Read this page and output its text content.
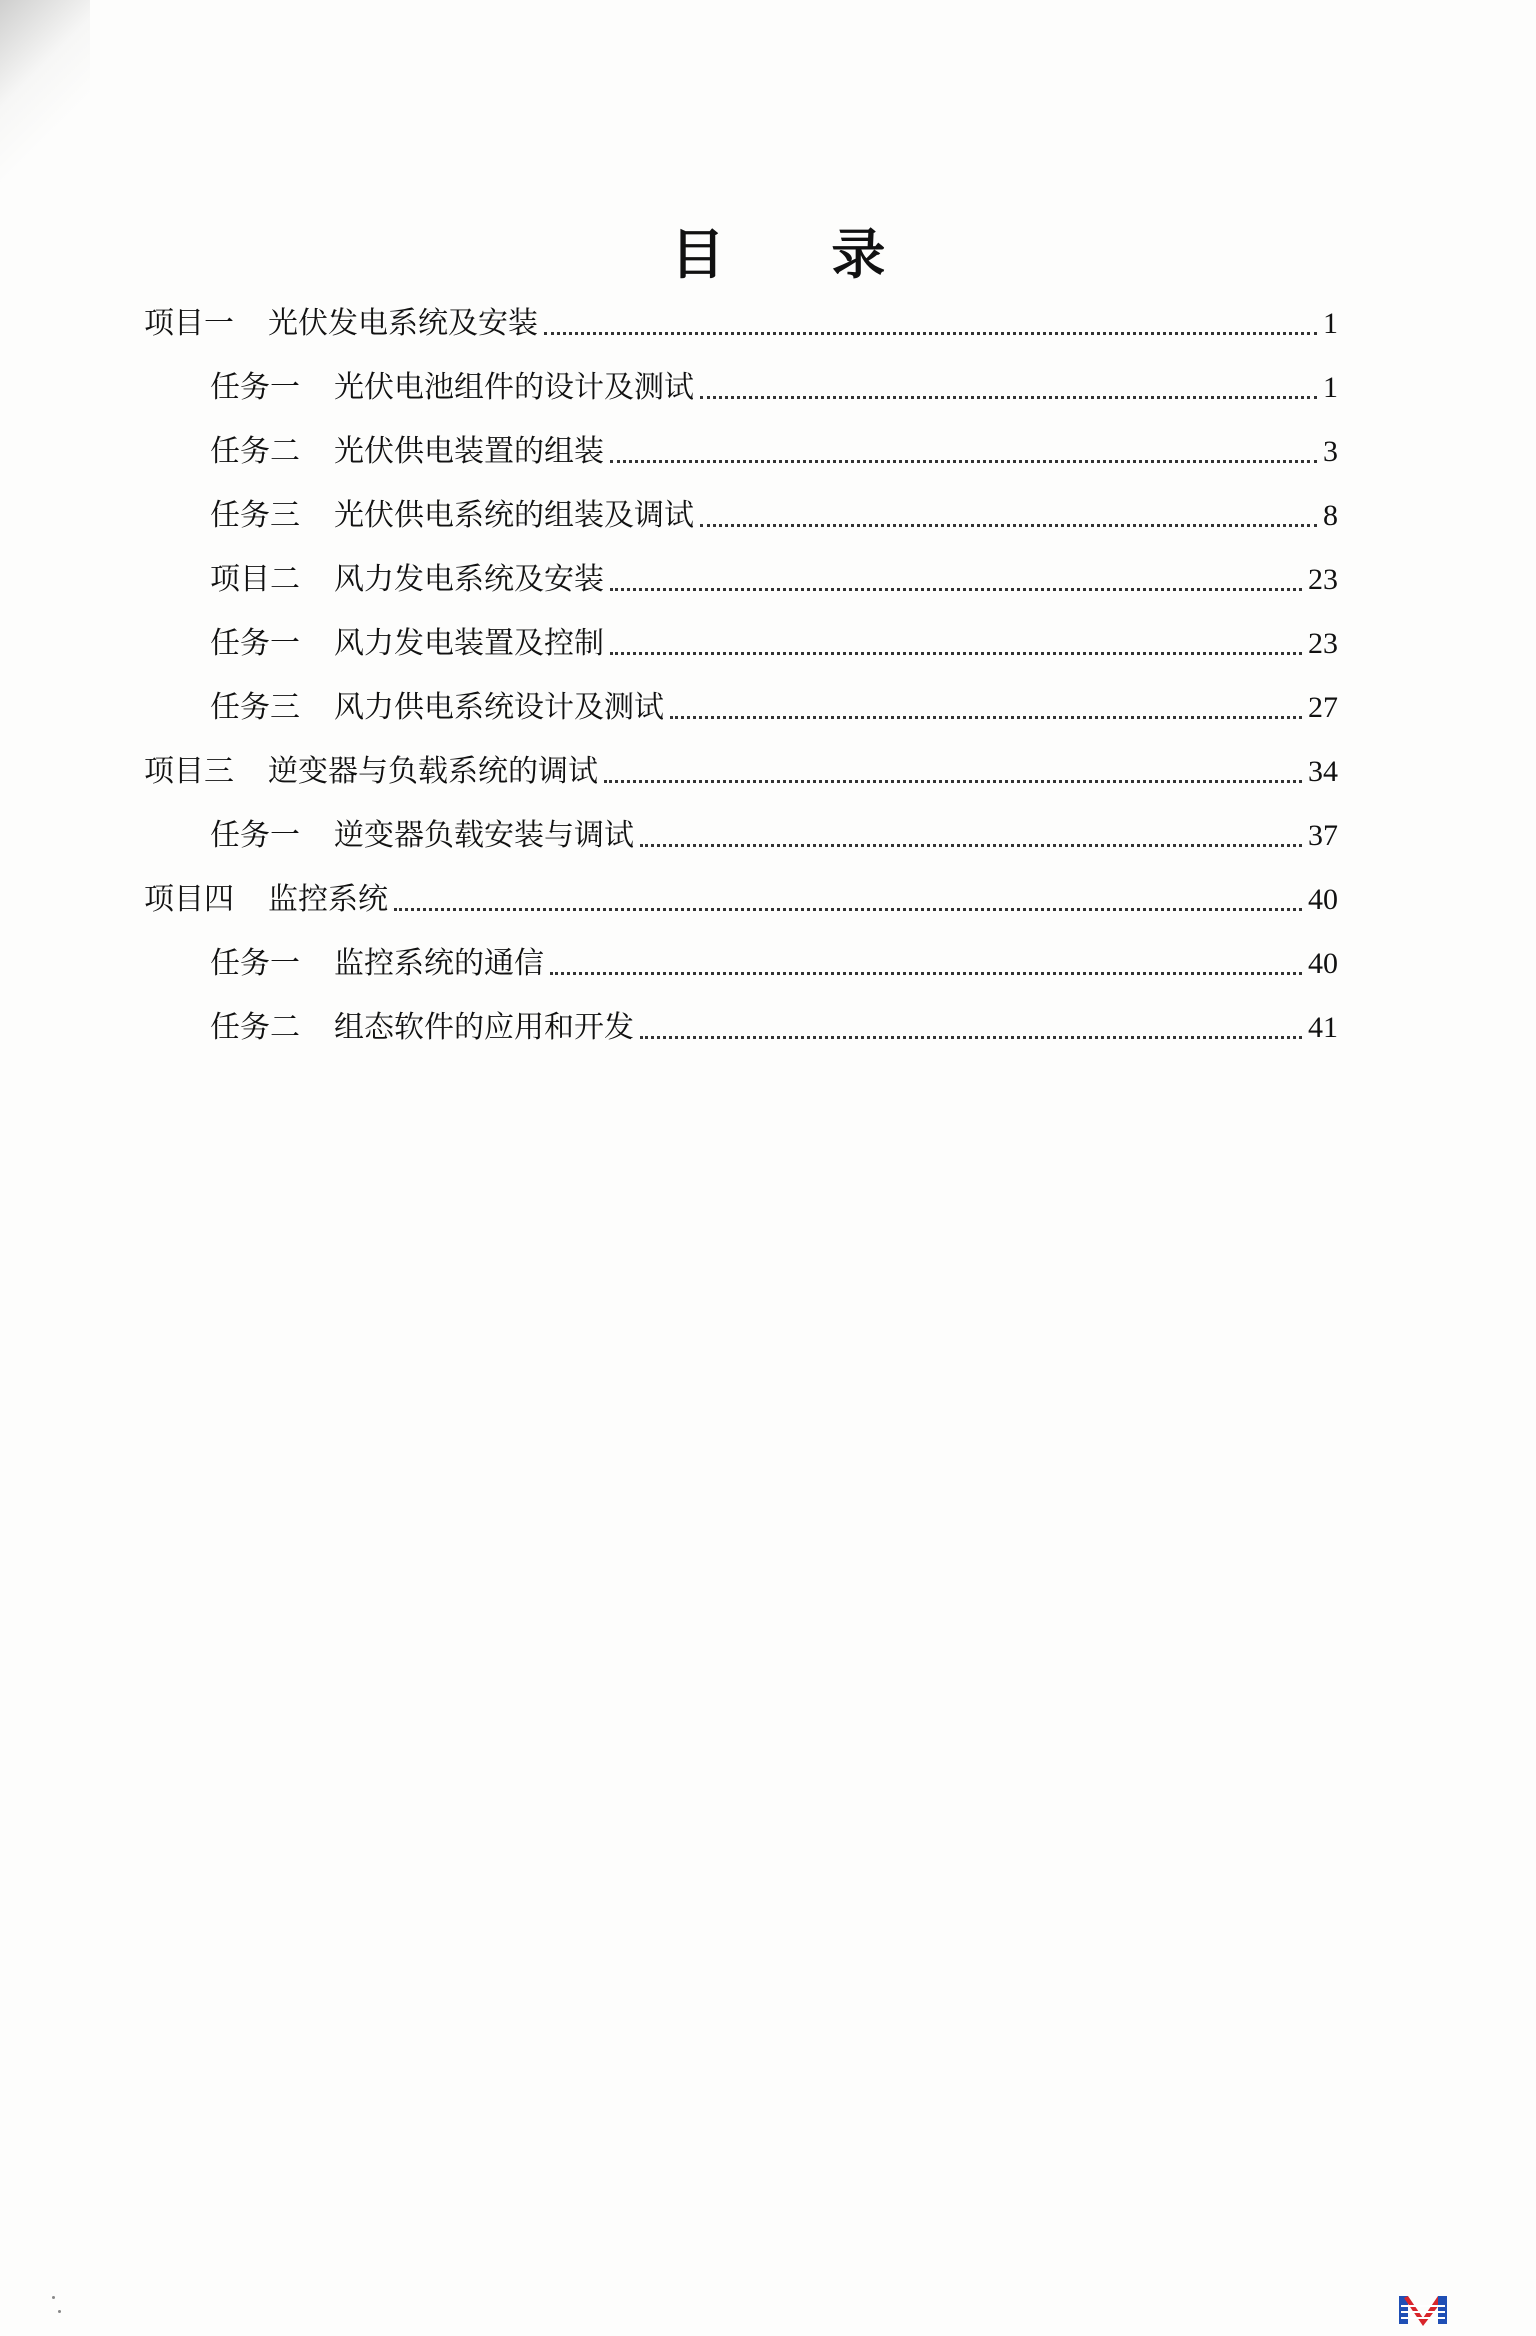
目 录
项目一 光伏发电系统及安装	1
任务一 光伏电池组件的设计及测试	1
任务二 光伏供电装置的组装	3
任务三 光伏供电系统的组装及调试	8
项目二 风力发电系统及安装	23
任务一 风力发电装置及控制	23
任务三 风力供电系统设计及测试	27
项目三 逆变器与负载系统的调试	34
任务一 逆变器负载安装与调试	37
项目四 监控系统	40
任务一 监控系统的通信	40
任务二 组态软件的应用和开发	41
